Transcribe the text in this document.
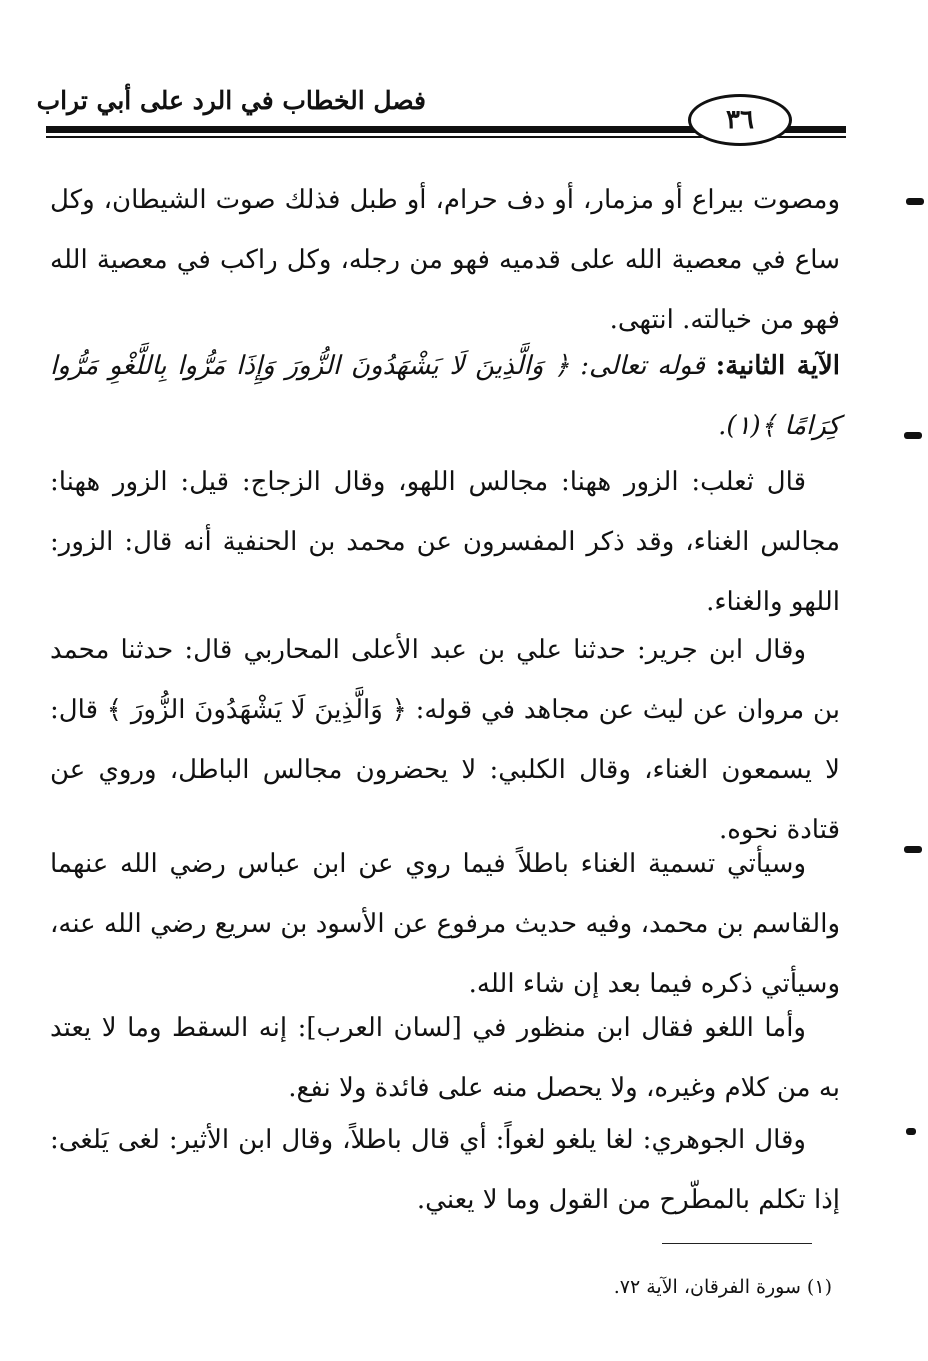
فصل الخطاب في الرد على أبي تراب
٣٦
ومصوت بيراع أو مزمار، أو دف حرام، أو طبل فذلك صوت الشيطان، وكل ساع في معصية الله على قدميه فهو من رجله، وكل راكب في معصية الله فهو من خيالته. انتهى.
الآية الثانية: قوله تعالى: ﴿ وَالَّذِينَ لَا يَشْهَدُونَ الزُّورَ وَإِذَا مَرُّوا بِاللَّغْوِ مَرُّوا كِرَامًا ﴾(١).
قال ثعلب: الزور ههنا: مجالس اللهو، وقال الزجاج: قيل: الزور ههنا: مجالس الغناء، وقد ذكر المفسرون عن محمد بن الحنفية أنه قال: الزور: اللهو والغناء.
وقال ابن جرير: حدثنا علي بن عبد الأعلى المحاربي قال: حدثنا محمد بن مروان عن ليث عن مجاهد في قوله: ﴿ وَالَّذِينَ لَا يَشْهَدُونَ الزُّورَ ﴾ قال: لا يسمعون الغناء، وقال الكلبي: لا يحضرون مجالس الباطل، وروي عن قتادة نحوه.
وسيأتي تسمية الغناء باطلاً فيما روي عن ابن عباس رضي الله عنهما والقاسم بن محمد، وفيه حديث مرفوع عن الأسود بن سريع رضي الله عنه، وسيأتي ذكره فيما بعد إن شاء الله.
وأما اللغو فقال ابن منظور في [لسان العرب]: إنه السقط وما لا يعتد به من كلام وغيره، ولا يحصل منه على فائدة ولا نفع.
وقال الجوهري: لغا يلغو لغواً: أي قال باطلاً، وقال ابن الأثير: لغى يَلغى: إذا تكلم بالمطّرح من القول وما لا يعني.
(١) سورة الفرقان، الآية ٧٢.
